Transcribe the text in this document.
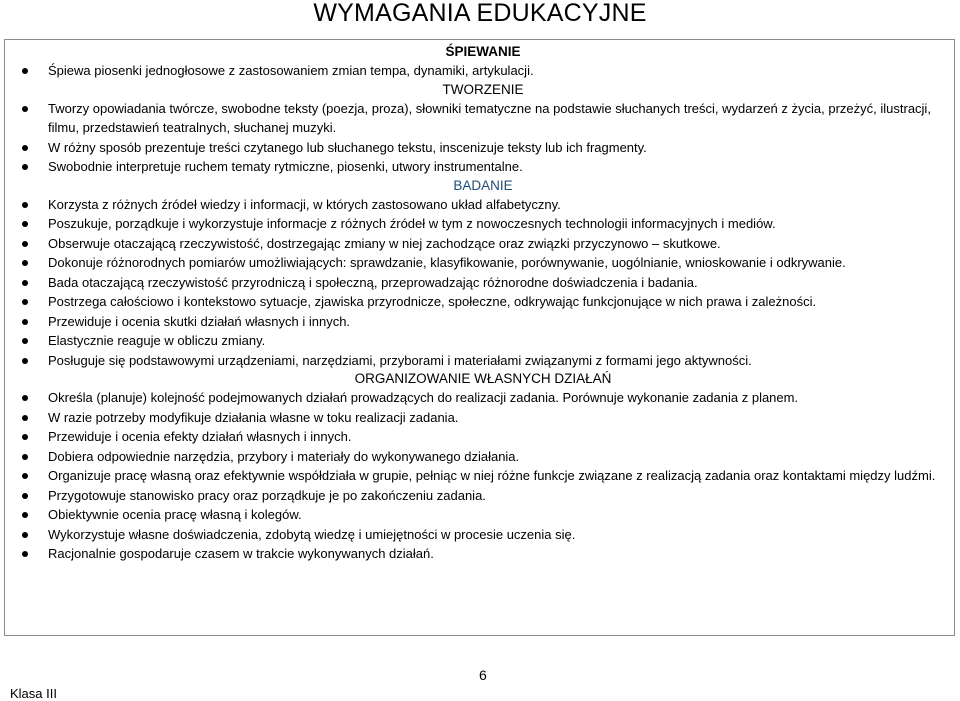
WYMAGANIA EDUKACYJNE
ŚPIEWANIE
Śpiewa piosenki jednogłosowe z zastosowaniem zmian tempa, dynamiki, artykulacji.
TWORZENIE
Tworzy opowiadania twórcze, swobodne teksty (poezja, proza), słowniki tematyczne na podstawie słuchanych treści, wydarzeń z życia, przeżyć, ilustracji, filmu, przedstawień teatralnych, słuchanej muzyki.
W różny sposób prezentuje treści czytanego lub słuchanego tekstu, inscenizuje teksty lub ich fragmenty.
Swobodnie interpretuje ruchem tematy rytmiczne, piosenki, utwory instrumentalne.
BADANIE
Korzysta z różnych źródeł wiedzy i informacji, w których zastosowano układ alfabetyczny.
Poszukuje, porządkuje i wykorzystuje informacje z różnych źródeł w tym z nowoczesnych technologii informacyjnych i mediów.
Obserwuje otaczającą rzeczywistość, dostrzegając zmiany w niej zachodzące oraz związki przyczynowo – skutkowe.
Dokonuje różnorodnych pomiarów umożliwiających: sprawdzanie, klasyfikowanie, porównywanie, uogólnianie, wnioskowanie i odkrywanie.
Bada otaczającą rzeczywistość przyrodniczą i społeczną, przeprowadzając różnorodne doświadczenia i badania.
Postrzega całościowo i kontekstowo sytuacje, zjawiska przyrodnicze, społeczne, odkrywając funkcjonujące w nich prawa i zależności.
Przewiduje i ocenia skutki działań własnych i innych.
Elastycznie reaguje w obliczu zmiany.
Posługuje się podstawowymi urządzeniami, narzędziami, przyborami i materiałami związanymi z formami jego aktywności.
ORGANIZOWANIE WŁASNYCH DZIAŁAŃ
Określa (planuje) kolejność podejmowanych działań prowadzących do realizacji zadania. Porównuje wykonanie zadania z planem.
W razie potrzeby modyfikuje działania własne w toku realizacji zadania.
Przewiduje i ocenia efekty działań własnych i innych.
Dobiera odpowiednie narzędzia, przybory i materiały do wykonywanego działania.
Organizuje pracę własną oraz efektywnie współdziała w grupie, pełniąc w niej różne funkcje związane z realizacją zadania oraz kontaktami między ludźmi.
Przygotowuje stanowisko pracy oraz porządkuje je po zakończeniu zadania.
Obiektywnie ocenia pracę własną i kolegów.
Wykorzystuje własne doświadczenia, zdobytą wiedzę i umiejętności w procesie uczenia się.
Racjonalnie gospodaruje czasem w trakcie wykonywanych działań.
6
Klasa III
